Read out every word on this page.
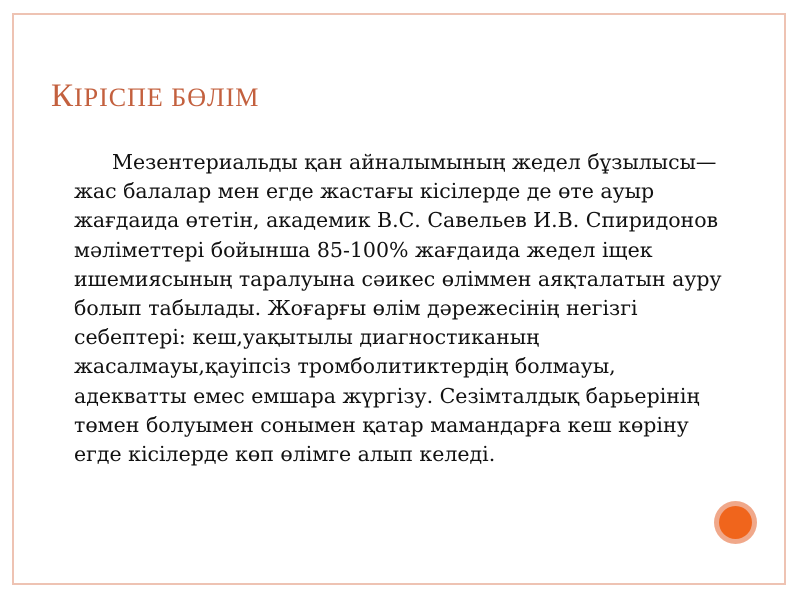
КІРІСПЕ БӨЛІМ

Мезентериальды қан айналымының жедел бұзылысы— жас балалар мен егде жастағы кісілерде де өте ауыр жағдаида өтетін, академик В.С. Савельев И.В. Спиридонов мәліметтері бойынша 85-100% жағдаида жедел іщек ишемиясының таралуына сәикес өліммен аяқталатын ауру болып табылады. Жоғарғы өлім дәрежесінің негізгі себептері: кеш,уақытылы диагностиканың жасалмауы,қауіпсіз тромболитиктердің болмауы, адекватты емес емшара жүргізу. Сезімталдық барьерінің төмен болуымен сонымен қатар мамандарға кеш көріну егде кісілерде көп өлімге алып келеді.
